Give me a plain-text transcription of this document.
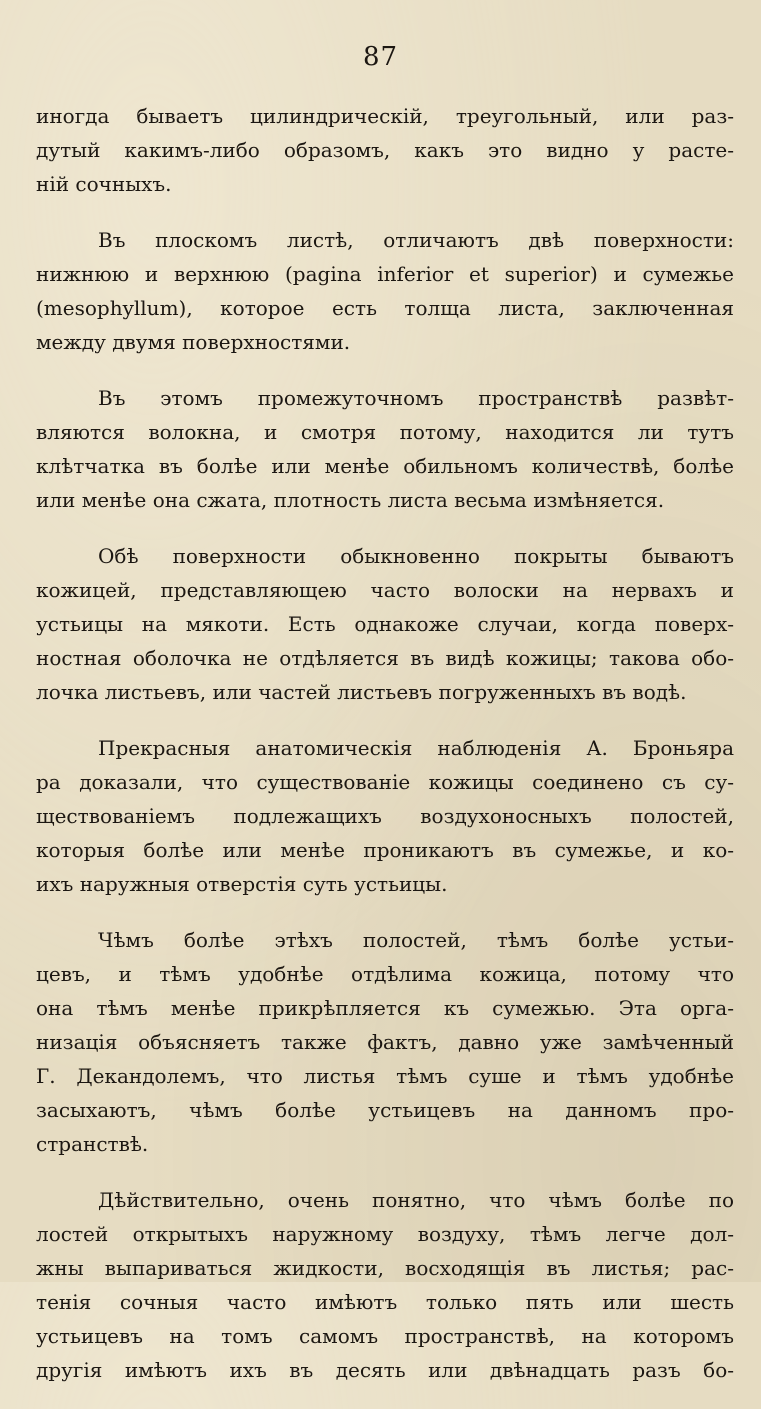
87
иногда бываетъ цилиндрическій, треугольный, или раз-
дутый какимъ-либо образомъ, какъ это видно у расте-
ній сочныхъ.
Въ плоскомъ листѣ, отличаютъ двѣ поверхности:
нижнюю и верхнюю (pagina inferior et superior) и сумежье
(mesophyllum), которое есть толща листа, заключенная
между двумя поверхностями.
Въ этомъ промежуточномъ пространствѣ развѣт-
вляются волокна, и смотря потому, находится ли тутъ
клѣтчатка въ болѣе или менѣе обильномъ количествѣ, болѣе
или менѣе она сжата, плотность листа весьма измѣняется.
Обѣ поверхности обыкновенно покрыты бываютъ
кожицей, представляющею часто волоски на нервахъ и
устьицы на мякоти. Есть однакоже случаи, когда поверх-
ностная оболочка не отдѣляется въ видѣ кожицы; такова обо-
лочка листьевъ, или частей листьевъ погруженныхъ въ водѣ.
Прекрасныя анатомическія наблюденія А. Броньяра
ра доказали, что существованіе кожицы соединено съ су-
ществованіемъ подлежащихъ воздухоносныхъ полостей,
которыя болѣе или менѣе проникаютъ въ сумежье, и ко-
ихъ наружныя отверстія суть устьицы.
Чѣмъ болѣе этѣхъ полостей, тѣмъ болѣе устьи-
цевъ, и тѣмъ удобнѣе отдѣлима кожица, потому что
она тѣмъ менѣе прикрѣпляется къ сумежью. Эта орга-
низація объясняетъ также фактъ, давно уже замѣченный
Г. Декандолемъ, что листья тѣмъ суше и тѣмъ удобнѣе
засыхаютъ, чѣмъ болѣе устьицевъ на данномъ про-
странствѣ.
Дѣйствительно, очень понятно, что чѣмъ болѣе по
лостей открытыхъ наружному воздуху, тѣмъ легче дол-
жны выпариваться жидкости, восходящія въ листья; рас-
тенія сочныя часто имѣютъ только пять или шесть
устьицевъ на томъ самомъ пространствѣ, на которомъ
другія имѣютъ ихъ въ десять или двѣнадцать разъ бо-
